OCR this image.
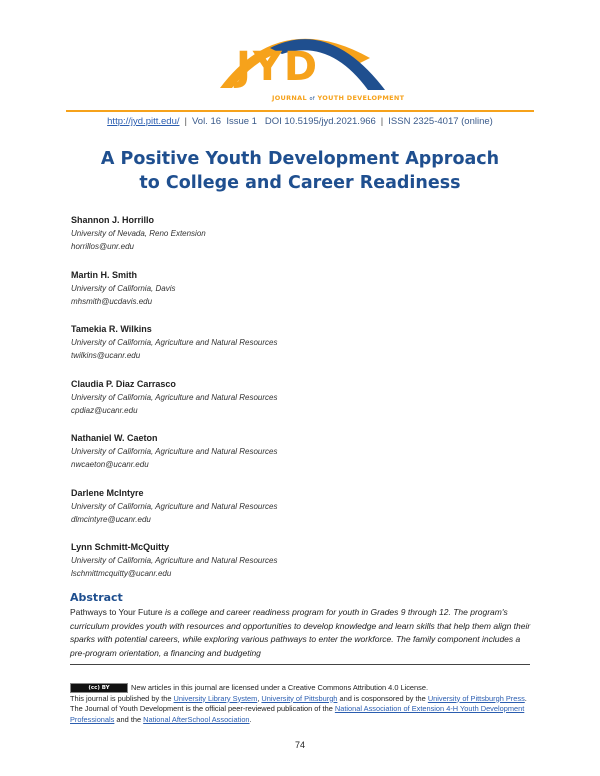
JYD
JOURNAL of YOUTH DEVELOPMENT
http://jyd.pitt.edu/ | Vol. 16 Issue 1 DOI 10.5195/jyd.2021.966 | ISSN 2325-4017 (online)
A Positive Youth Development Approach
to College and Career Readiness
Shannon J. Horrillo
University of Nevada, Reno Extension
horrillos@unr.edu
Martin H. Smith
University of California, Davis
mhsmith@ucdavis.edu
Tamekia R. Wilkins
University of California, Agriculture and Natural Resources
twilkins@ucanr.edu
Claudia P. Diaz Carrasco
University of California, Agriculture and Natural Resources
cpdiaz@ucanr.edu
Nathaniel W. Caeton
University of California, Agriculture and Natural Resources
nwcaeton@ucanr.edu
Darlene McIntyre
University of California, Agriculture and Natural Resources
dlmcintyre@ucanr.edu
Lynn Schmitt-McQuitty
University of California, Agriculture and Natural Resources
lschmittmcquitty@ucanr.edu
Abstract
Pathways to Your Future is a college and career readiness program for youth in Grades 9 through 12. The program's curriculum provides youth with resources and opportunities to develop knowledge and learn skills that help them align their sparks with potential careers, while exploring various pathways to enter the workforce. The family component includes a pre-program orientation, a financing and budgeting
(cc) BY	New articles in this journal are licensed under a Creative Commons Attribution 4.0 License.
This journal is published by the University Library System, University of Pittsburgh and is cosponsored by the University of Pittsburgh Press. The Journal of Youth Development is the official peer-reviewed publication of the National Association of Extension 4-H Youth Development Professionals and the National AfterSchool Association.
74
